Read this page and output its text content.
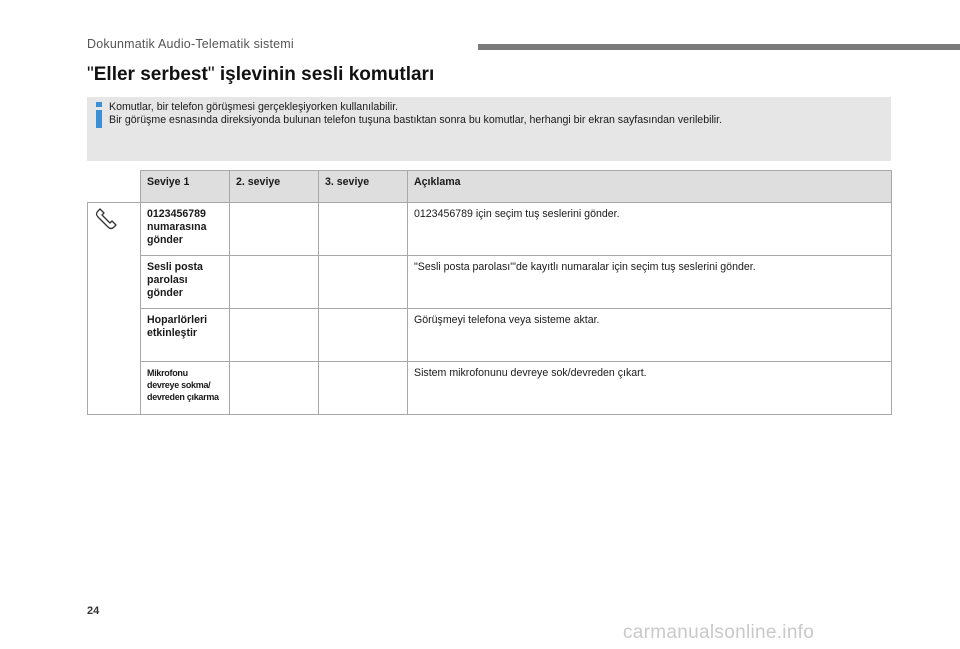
Dokunmatik Audio-Telematik sistemi
"Eller serbest" işlevinin sesli komutları
Komutlar, bir telefon görüşmesi gerçekleşiyorken kullanılabilir.
Bir görüşme esnasında direksiyonda bulunan telefon tuşuna bastıktan sonra bu komutlar, herhangi bir ekran sayfasından verilebilir.
	Seviye 1	2. seviye	3. seviye	Açıklama

0123456789
numarasına
gönder			0123456789 için seçim tuş seslerini gönder.

	Sesli posta
parolası
gönder			"Sesli posta parolası"'de kayıtlı numaralar için seçim tuş seslerini gönder.

	Hoparlörleri
etkinleştir			Görüşmeyi telefona veya sisteme aktar.

	Mikrofonu
devreye sokma/
devreden çıkarma			Sistem mikrofonunu devreye sok/devreden çıkart.
24
carmanualsonline.info
